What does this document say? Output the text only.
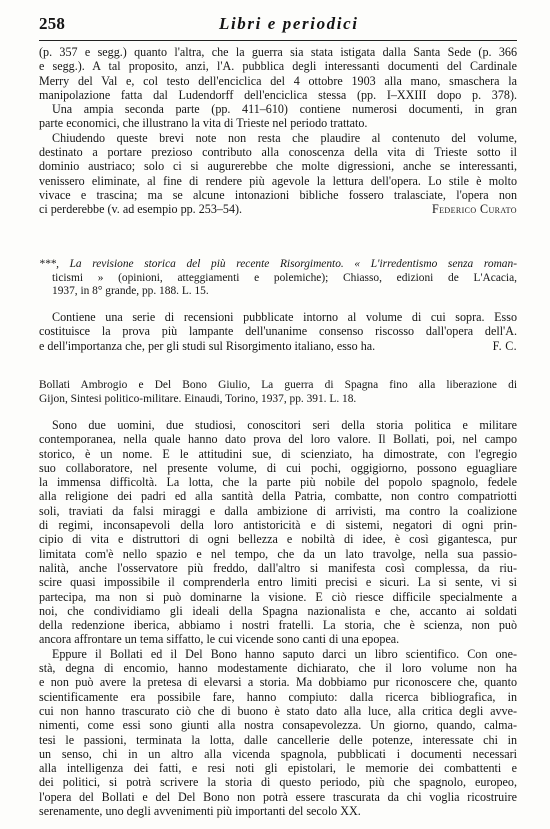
258	Libri e periodici
(p. 357 e segg.) quanto l'altra, che la guerra sia stata istigata dalla Santa Sede (p. 366
e segg.). A tal proposito, anzi, l'A. pubblica degli interessanti documenti del Cardinale
Merry del Val e, col testo dell'enciclica del 4 ottobre 1903 alla mano, smaschera la
manipolazione fatta dal Ludendorff dell'enciclica stessa (pp. I–XXIII dopo p. 378).
Una ampia seconda parte (pp. 411–610) contiene numerosi documenti, in gran
parte economici, che illustrano la vita di Trieste nel periodo trattato.
Chiudendo queste brevi note non resta che plaudire al contenuto del volume,
destinato a portare prezioso contributo alla conoscenza della vita di Trieste sotto il
dominio austriaco; solo ci si augurerebbe che molte digressioni, anche se interessanti,
venissero eliminate, al fine di rendere più agevole la lettura dell'opera. Lo stile è molto
vivace e trascina; ma se alcune intonazioni bibliche fossero tralasciate, l'opera non
ci perderebbe (v. ad esempio pp. 253–54).	Federico Curato
***, La revisione storica del più recente Risorgimento. « L'irredentismo senza roman-
ticismi » (opinioni, atteggiamenti e polemiche); Chiasso, edizioni de L'Acacia,
1937, in 8° grande, pp. 188. L. 15.
Contiene una serie di recensioni pubblicate intorno al volume di cui sopra. Esso
costituisce la prova più lampante dell'unanime consenso riscosso dall'opera dell'A.
e dell'importanza che, per gli studi sul Risorgimento italiano, esso ha.	F. C.
Bollati Ambrogio e Del Bono Giulio, La guerra di Spagna fino alla liberazione di
Gijon, Sintesi politico-militare. Einaudi, Torino, 1937, pp. 391. L. 18.
Sono due uomini, due studiosi, conoscitori seri della storia politica e militare
contemporanea, nella quale hanno dato prova del loro valore. Il Bollati, poi, nel campo
storico, è un nome. E le attitudini sue, di scienziato, ha dimostrate, con l'egregio
suo collaboratore, nel presente volume, di cui pochi, oggigiorno, possono eguagliare
la immensa difficoltà. La lotta, che la parte più nobile del popolo spagnolo, fedele
alla religione dei padri ed alla santità della Patria, combatte, non contro compatriotti
soli, traviati da falsi miraggi e dalla ambizione di arrivisti, ma contro la coalizione
di regimi, inconsapevoli della loro antistoricità e di sistemi, negatori di ogni prin-
cipio di vita e distruttori di ogni bellezza e nobiltà di idee, è così gigantesca, pur
limitata com'è nello spazio e nel tempo, che da un lato travolge, nella sua passio-
nalità, anche l'osservatore più freddo, dall'altro si manifesta così complessa, da riu-
scire quasi impossibile il comprenderla entro limiti precisi e sicuri. La si sente, vi si
partecipa, ma non si può dominarne la visione. E ciò riesce difficile specialmente a
noi, che condividiamo gli ideali della Spagna nazionalista e che, accanto ai soldati
della redenzione iberica, abbiamo i nostri fratelli. La storia, che è scienza, non può
ancora affrontare un tema siffatto, le cui vicende sono canti di una epopea.
Eppure il Bollati ed il Del Bono hanno saputo darci un libro scientifico. Con one-
stà, degna di encomio, hanno modestamente dichiarato, che il loro volume non ha
e non può avere la pretesa di elevarsi a storia. Ma dobbiamo pur riconoscere che, quanto
scientificamente era possibile fare, hanno compiuto: dalla ricerca bibliografica, in
cui non hanno trascurato ciò che di buono è stato dato alla luce, alla critica degli avve-
nimenti, come essi sono giunti alla nostra consapevolezza. Un giorno, quando, calma-
tesi le passioni, terminata la lotta, dalle cancellerie delle potenze, interessate chi in
un senso, chi in un altro alla vicenda spagnola, pubblicati i documenti necessari
alla intelligenza dei fatti, e resi noti gli epistolari, le memorie dei combattenti e
dei politici, si potrà scrivere la storia di questo periodo, più che spagnolo, europeo,
l'opera del Bollati e del Del Bono non potrà essere trascurata da chi voglia ricostruire
serenamente, uno degli avvenimenti più importanti del secolo XX.
